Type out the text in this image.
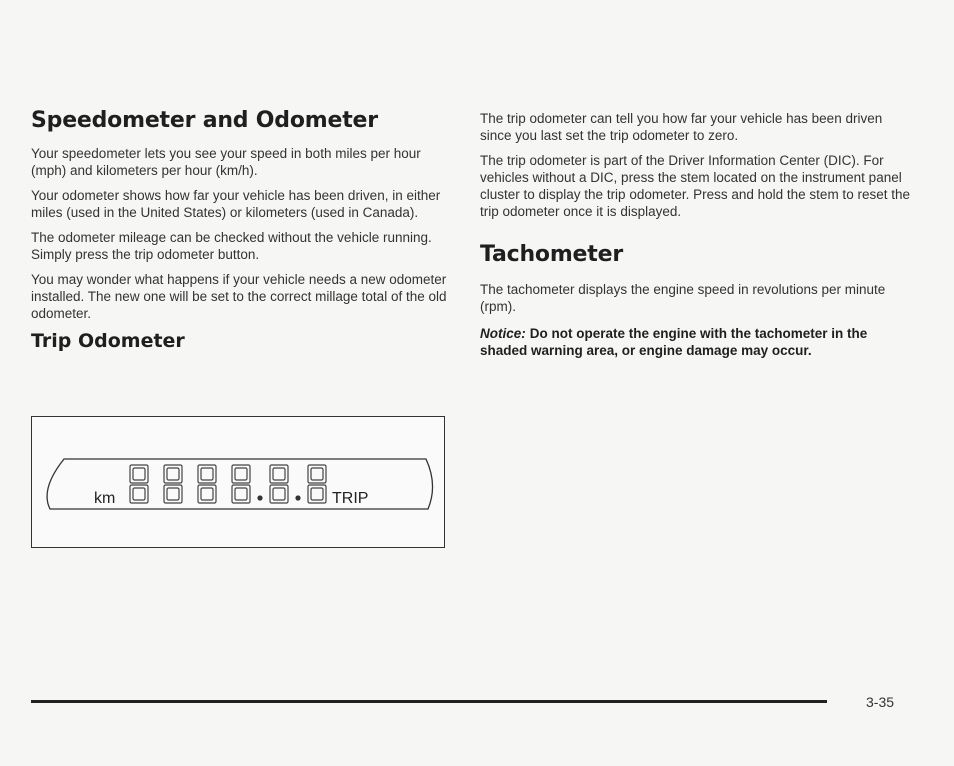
Speedometer and Odometer

Your speedometer lets you see your speed in both miles per hour (mph) and kilometers per hour (km/h).

Your odometer shows how far your vehicle has been driven, in either miles (used in the United States) or kilometers (used in Canada).

The odometer mileage can be checked without the vehicle running. Simply press the trip odometer button.

You may wonder what happens if your vehicle needs a new odometer installed. The new one will be set to the correct millage total of the old odometer.

Trip Odometer
km	TRIP

The trip odometer can tell you how far your vehicle has been driven since you last set the trip odometer to zero.

The trip odometer is part of the Driver Information Center (DIC). For vehicles without a DIC, press the stem located on the instrument panel cluster to display the trip odometer. Press and hold the stem to reset the trip odometer once it is displayed.

Tachometer

The tachometer displays the engine speed in revolutions per minute (rpm).

Notice: Do not operate the engine with the tachometer in the shaded warning area, or engine damage may occur.
3-35
